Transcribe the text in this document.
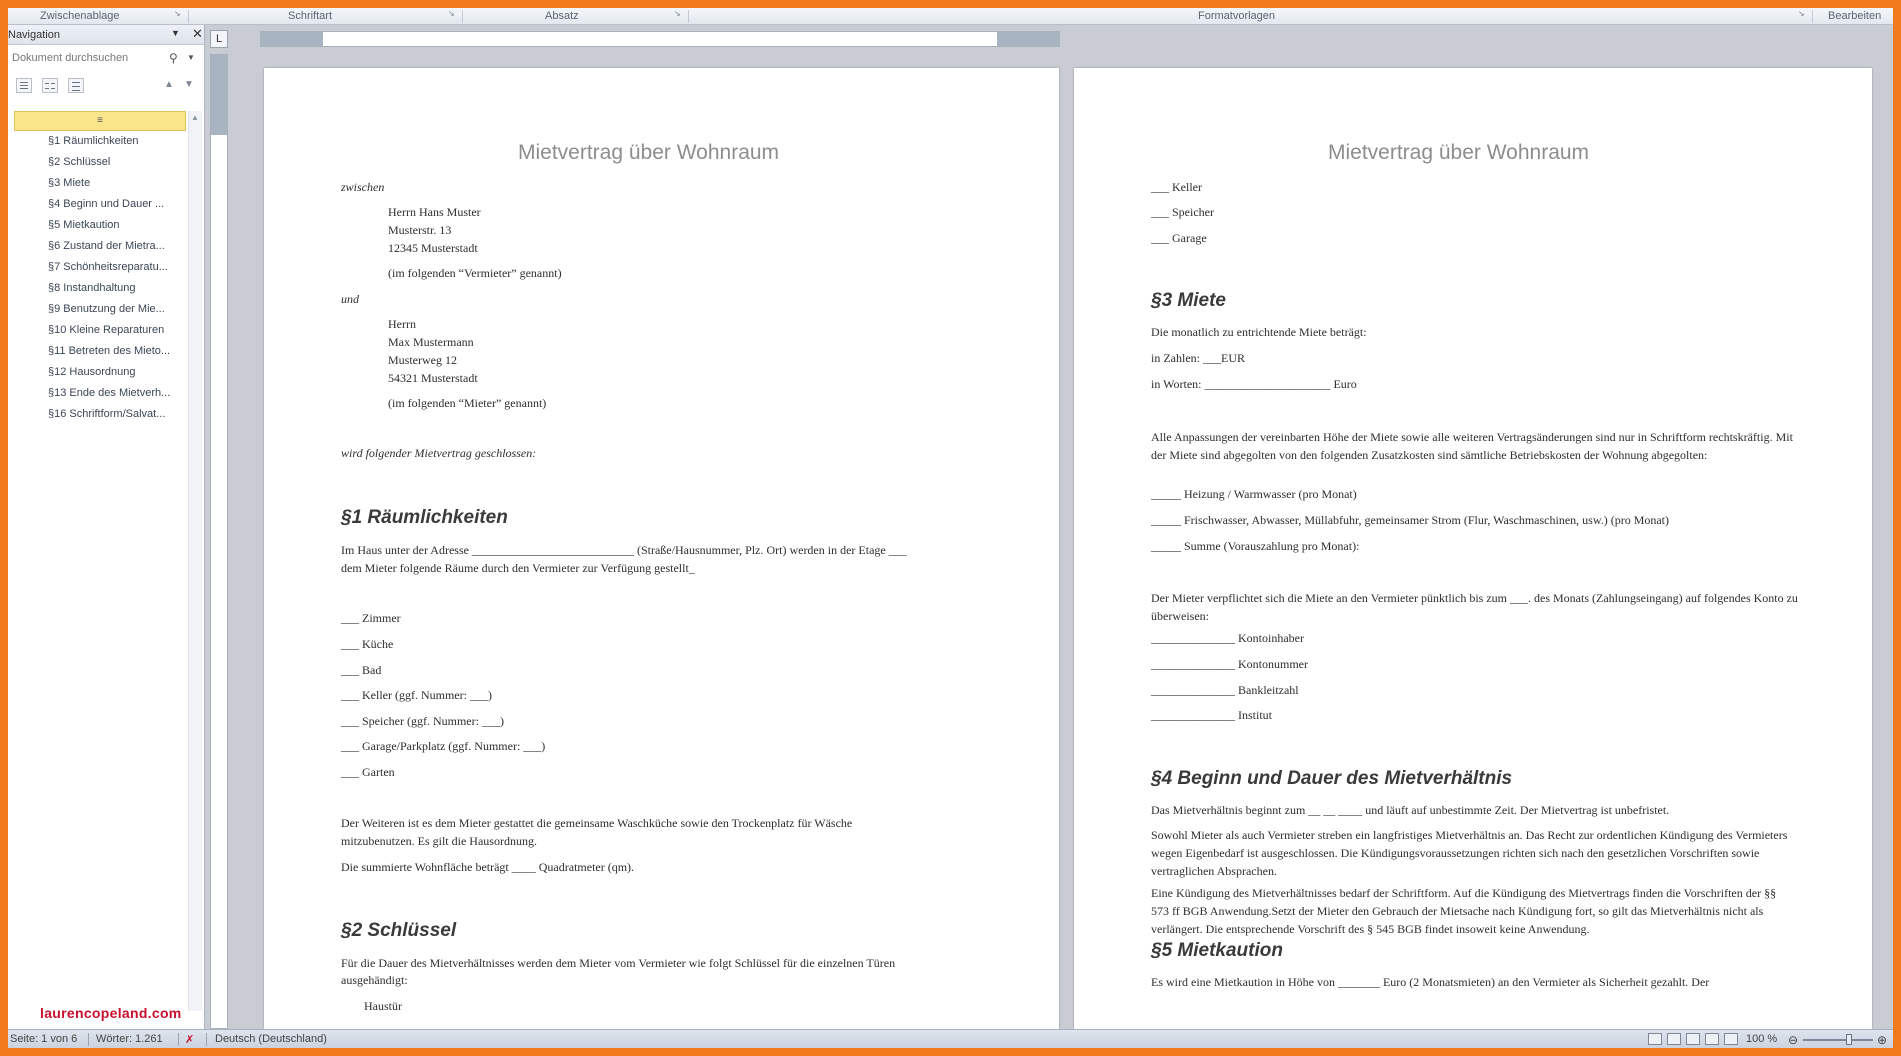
Zwischenablage	↘	Schriftart	↘	Absatz	↘	Formatvorlagen	↘ Bearbeiten
Navigation	▼ ✕
Dokument durchsuchen	⚲ ▼
▲ ▼
≡
§1 Räumlichkeiten
§2 Schlüssel
§3 Miete
§4 Beginn und Dauer ...
§5 Mietkaution
§6 Zustand der Mietra...
§7 Schönheitsreparatu...
§8 Instandhaltung
§9 Benutzung der Mie...
§10 Kleine Reparaturen
§11 Betreten des Mieto...
§12 Hausordnung
§13 Ende des Mietverh...
§16 Schriftform/Salvat...
▲
laurencopeland.com
L
Mietvertrag über Wohnraum
zwischen
Herrn Hans Muster
Musterstr. 13
12345 Musterstadt
(im folgenden “Vermieter” genannt)
und
Herrn
Max Mustermann
Musterweg 12
54321 Musterstadt
(im folgenden “Mieter” genannt)
wird folgender Mietvertrag geschlossen:
§1 Räumlichkeiten
Im Haus unter der Adresse ___________________________ (Straße/Hausnummer, Plz. Ort) werden in der Etage ___
dem Mieter folgende Räume durch den Vermieter zur Verfügung gestellt_
___ Zimmer
___ Küche
___ Bad
___ Keller (ggf. Nummer: ___)
___ Speicher (ggf. Nummer: ___)
___ Garage/Parkplatz (ggf. Nummer: ___)
___ Garten
Der Weiteren ist es dem Mieter gestattet die gemeinsame Waschküche sowie den Trockenplatz für Wäsche
mitzubenutzen. Es gilt die Hausordnung.
Die summierte Wohnfläche beträgt ____ Quadratmeter (qm).
§2 Schlüssel
Für die Dauer des Mietverhältnisses werden dem Mieter vom Vermieter wie folgt Schlüssel für die einzelnen Türen
ausgehändigt:
Haustür
Mietvertrag über Wohnraum
___ Keller
___ Speicher
___ Garage
§3 Miete
Die monatlich zu entrichtende Miete beträgt:
in Zahlen: ___EUR
in Worten: _____________________ Euro
Alle Anpassungen der vereinbarten Höhe der Miete sowie alle weiteren Vertragsänderungen sind nur in Schriftform rechtskräftig. Mit der Miete sind abgegolten von den folgenden Zusatzkosten sind sämtliche Betriebskosten der Wohnung abgegolten:
_____ Heizung / Warmwasser (pro Monat)
_____ Frischwasser, Abwasser, Müllabfuhr, gemeinsamer Strom (Flur, Waschmaschinen, usw.) (pro Monat)
_____ Summe (Vorauszahlung pro Monat):
Der Mieter verpflichtet sich die Miete an den Vermieter pünktlich bis zum ___. des Monats (Zahlungseingang) auf folgendes Konto zu überweisen:
______________ Kontoinhaber
______________ Kontonummer
______________ Bankleitzahl
______________ Institut
§4 Beginn und Dauer des Mietverhältnis
Das Mietverhältnis beginnt zum __ __ ____ und läuft auf unbestimmte Zeit. Der Mietvertrag ist unbefristet.
Sowohl Mieter als auch Vermieter streben ein langfristiges Mietverhältnis an. Das Recht zur ordentlichen Kündigung des Vermieters wegen Eigenbedarf ist ausgeschlossen. Die Kündigungsvoraussetzungen richten sich nach den gesetzlichen Vorschriften sowie vertraglichen Absprachen.
Eine Kündigung des Mietverhältnisses bedarf der Schriftform. Auf die Kündigung des Mietvertrags finden die Vorschriften der §§ 573 ff BGB Anwendung.Setzt der Mieter den Gebrauch der Mietsache nach Kündigung fort, so gilt das Mietverhältnis nicht als verlängert. Die entsprechende Vorschrift des § 545 BGB findet insoweit keine Anwendung.
§5 Mietkaution
Es wird eine Mietkaution in Höhe von _______ Euro (2 Monatsmieten) an den Vermieter als Sicherheit gezahlt. Der
Seite: 1 von 6 Wörter: 1.261 ✗ Deutsch (Deutschland)	100 % ⊖	⊕
